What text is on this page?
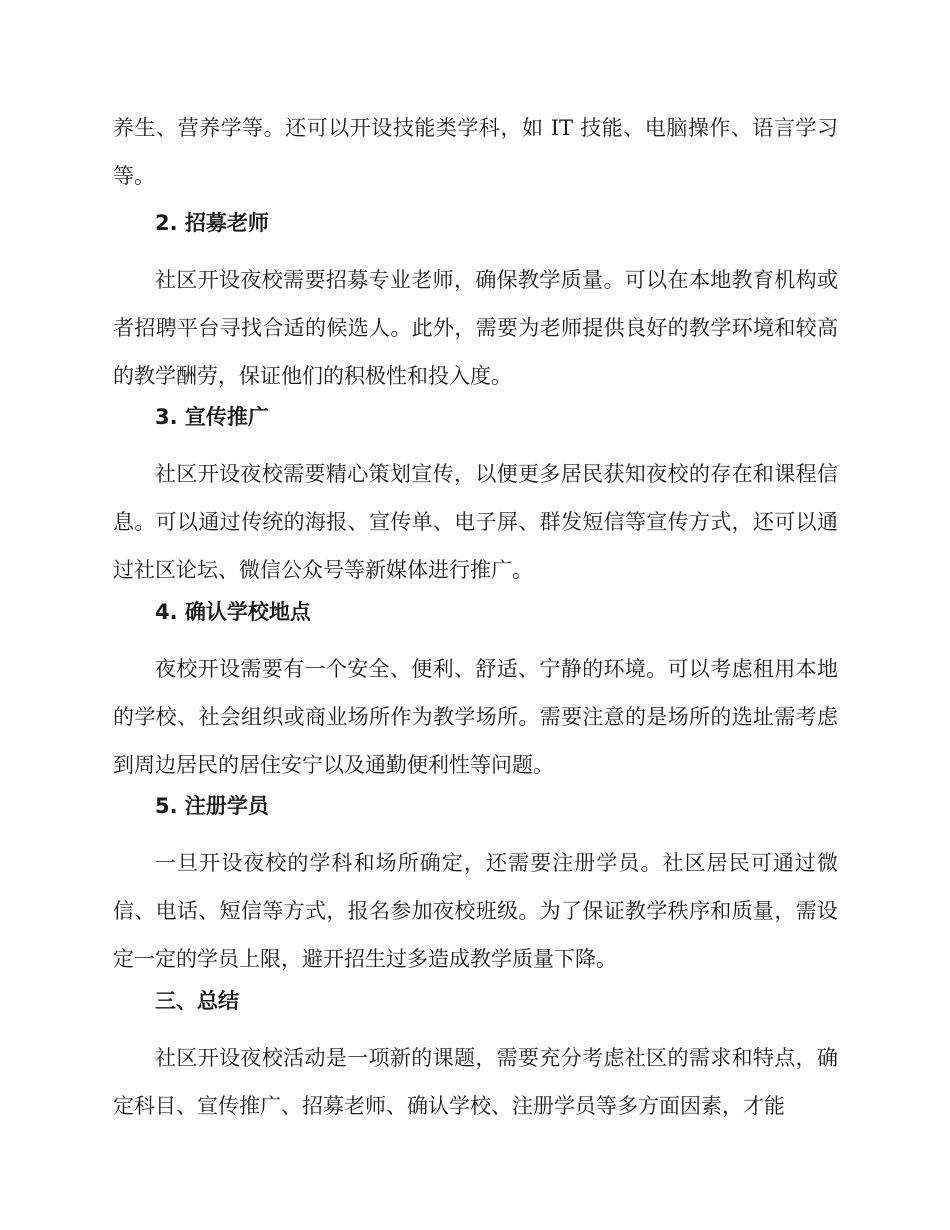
养生、营养学等。还可以开设技能类学科，如 IT 技能、电脑操作、语言学习等。

2. 招募老师

社区开设夜校需要招募专业老师，确保教学质量。可以在本地教育机构或者招聘平台寻找合适的候选人。此外，需要为老师提供良好的教学环境和较高的教学酬劳，保证他们的积极性和投入度。

3. 宣传推广

社区开设夜校需要精心策划宣传，以便更多居民获知夜校的存在和课程信息。可以通过传统的海报、宣传单、电子屏、群发短信等宣传方式，还可以通过社区论坛、微信公众号等新媒体进行推广。

4. 确认学校地点

夜校开设需要有一个安全、便利、舒适、宁静的环境。可以考虑租用本地的学校、社会组织或商业场所作为教学场所。需要注意的是场所的选址需考虑到周边居民的居住安宁以及通勤便利性等问题。

5. 注册学员

一旦开设夜校的学科和场所确定，还需要注册学员。社区居民可通过微信、电话、短信等方式，报名参加夜校班级。为了保证教学秩序和质量，需设定一定的学员上限，避开招生过多造成教学质量下降。

三、总结

社区开设夜校活动是一项新的课题，需要充分考虑社区的需求和特点，确定科目、宣传推广、招募老师、确认学校、注册学员等多方面因素，才能
